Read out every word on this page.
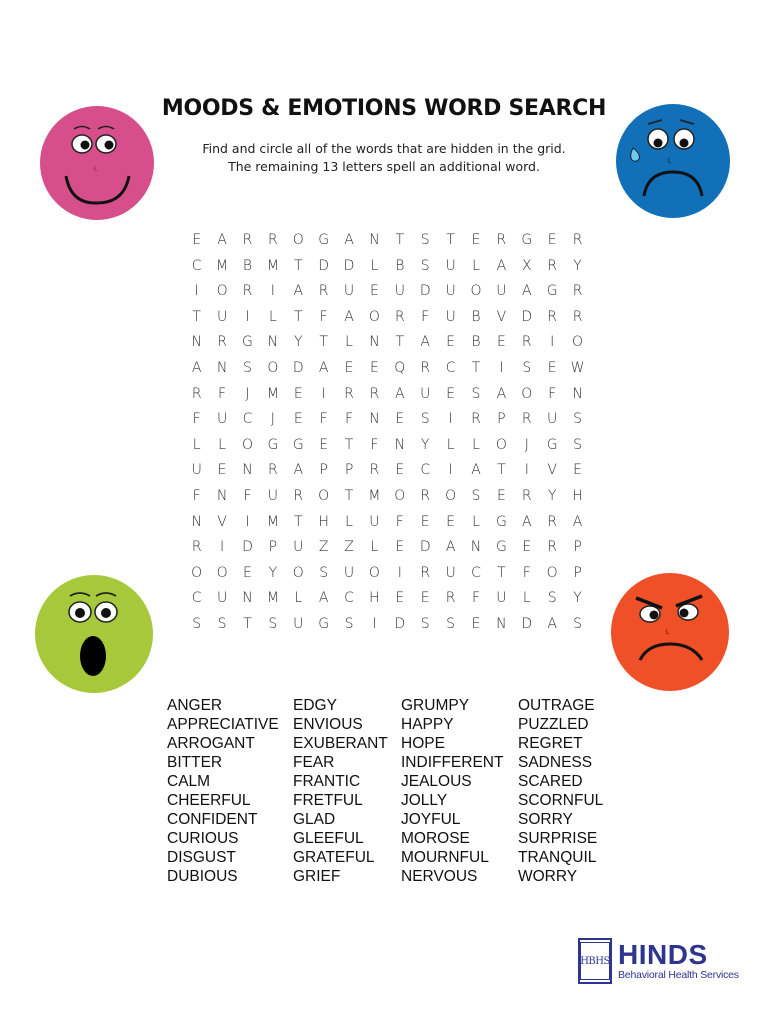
MOODS & EMOTIONS WORD SEARCH
Find and circle all of the words that are hidden in the grid.
The remaining 13 letters spell an additional word.
E	A	R	R	O	G	A	N	T	S	T	E	R	G	E	R
C	M	B	M	T	D	D	L	B	S	U	L	A	X	R	Y
I	O	R	I	A	R	U	E	U	D	U	O	U	A	G	R
T	U	I	L	T	F	A	O	R	F	U	B	V	D	R	R
N	R	G	N	Y	T	L	N	T	A	E	B	E	R	I	O
A	N	S	O	D	A	E	E	Q	R	C	T	I	S	E	W
R	F	J	M	E	I	R	R	A	U	E	S	A	O	F	N
F	U	C	J	E	F	F	N	E	S	I	R	P	R	U	S
L	L	O	G	G	E	T	F	N	Y	L	L	O	J	G	S
U	E	N	R	A	P	P	R	E	C	I	A	T	I	V	E
F	N	F	U	R	O	T	M O	R	O	S	E	R	Y	H
N	V	I	M	T	H	L	U	F	E	E	L	G	A	R	A
R	I	D	P	U	Z	Z	L	E	D	A	N	G	E	R	P
O	O	E	Y	O	S	U	O	I	R	U	C	T	F	O	P
C	U	N	M	L	A	C	H	E	E	R	F	U	L	S	Y
S	S	T	S	U	G	S	I	D	S	S	E	N	D	A	S
ANGER
APPRECIATIVE
ARROGANT
BITTER
CALM
CHEERFUL
CONFIDENT
CURIOUS
DISGUST
DUBIOUS
EDGY
ENVIOUS
EXUBERANT
FEAR
FRANTIC
FRETFUL
GLAD
GLEEFUL
GRATEFUL
GRIEF
GRUMPY
HAPPY
HOPE
INDIFFERENT
JEALOUS
JOLLY
JOYFUL
MOROSE
MOURNFUL
NERVOUS
OUTRAGE
PUZZLED
REGRET
SADNESS
SCARED
SCORNFUL
SORRY
SURPRISE
TRANQUIL
WORRY
HBHS HINDS
Behavioral Health Services
